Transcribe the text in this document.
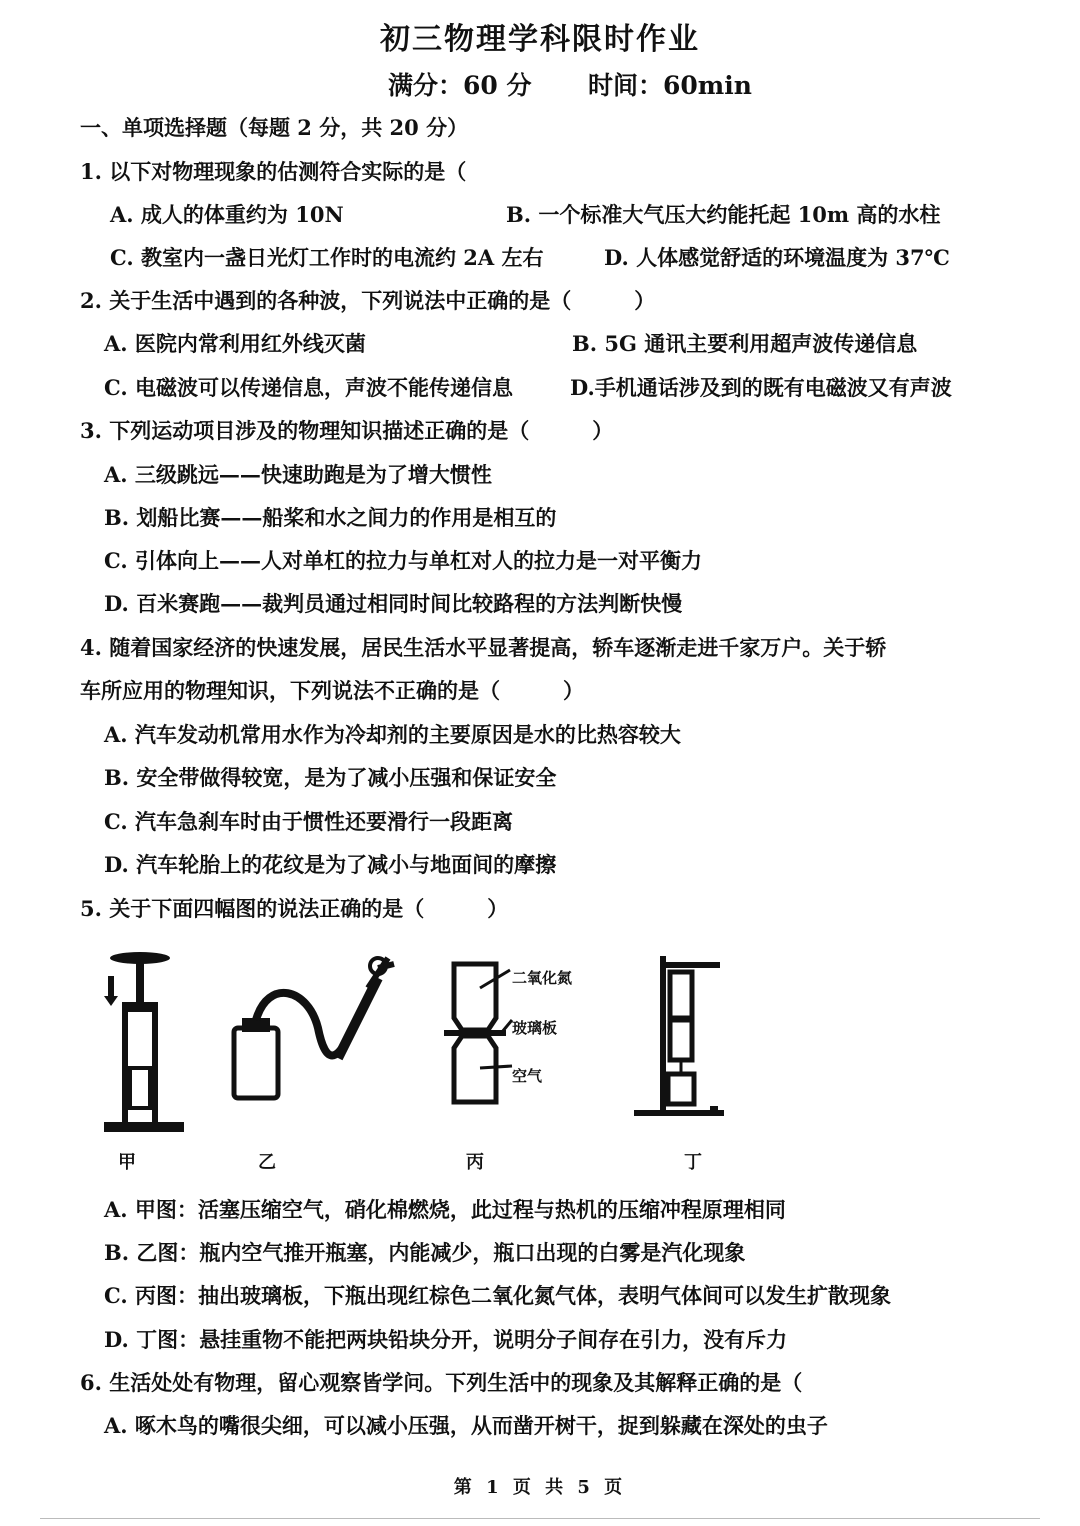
初三物理学科限时作业
满分：60 分 时间：60min
一、单项选择题（每题 2 分，共 20 分）
1. 以下对物理现象的估测符合实际的是（
A. 成人的体重约为 10N	B. 一个标准大气压大约能托起 10m 高的水柱
C. 教室内一盏日光灯工作时的电流约 2A 左右	D. 人体感觉舒适的环境温度为 37℃
2. 关于生活中遇到的各种波，下列说法中正确的是（　　　）
A. 医院内常利用红外线灭菌	B. 5G 通讯主要利用超声波传递信息
C. 电磁波可以传递信息，声波不能传递信息	D.手机通话涉及到的既有电磁波又有声波
3. 下列运动项目涉及的物理知识描述正确的是（　　　）
A. 三级跳远——快速助跑是为了增大惯性
B. 划船比赛——船桨和水之间力的作用是相互的
C. 引体向上——人对单杠的拉力与单杠对人的拉力是一对平衡力
D. 百米赛跑——裁判员通过相同时间比较路程的方法判断快慢
4. 随着国家经济的快速发展，居民生活水平显著提高，轿车逐渐走进千家万户。关于轿
车所应用的物理知识，下列说法不正确的是（　　　）
A. 汽车发动机常用水作为冷却剂的主要原因是水的比热容较大
B. 安全带做得较宽，是为了减小压强和保证安全
C. 汽车急刹车时由于惯性还要滑行一段距离
D. 汽车轮胎上的花纹是为了减小与地面间的摩擦
5. 关于下面四幅图的说法正确的是（　　　）
甲	乙
二氧化氮
玻璃板
空气
丙	丁
A. 甲图：活塞压缩空气，硝化棉燃烧，此过程与热机的压缩冲程原理相同
B. 乙图：瓶内空气推开瓶塞，内能减少，瓶口出现的白雾是汽化现象
C. 丙图：抽出玻璃板，下瓶出现红棕色二氧化氮气体，表明气体间可以发生扩散现象
D. 丁图：悬挂重物不能把两块铅块分开，说明分子间存在引力，没有斥力
6. 生活处处有物理，留心观察皆学问。下列生活中的现象及其解释正确的是（
A. 啄木鸟的嘴很尖细，可以减小压强，从而凿开树干，捉到躲藏在深处的虫子
第 1 页 共 5 页
